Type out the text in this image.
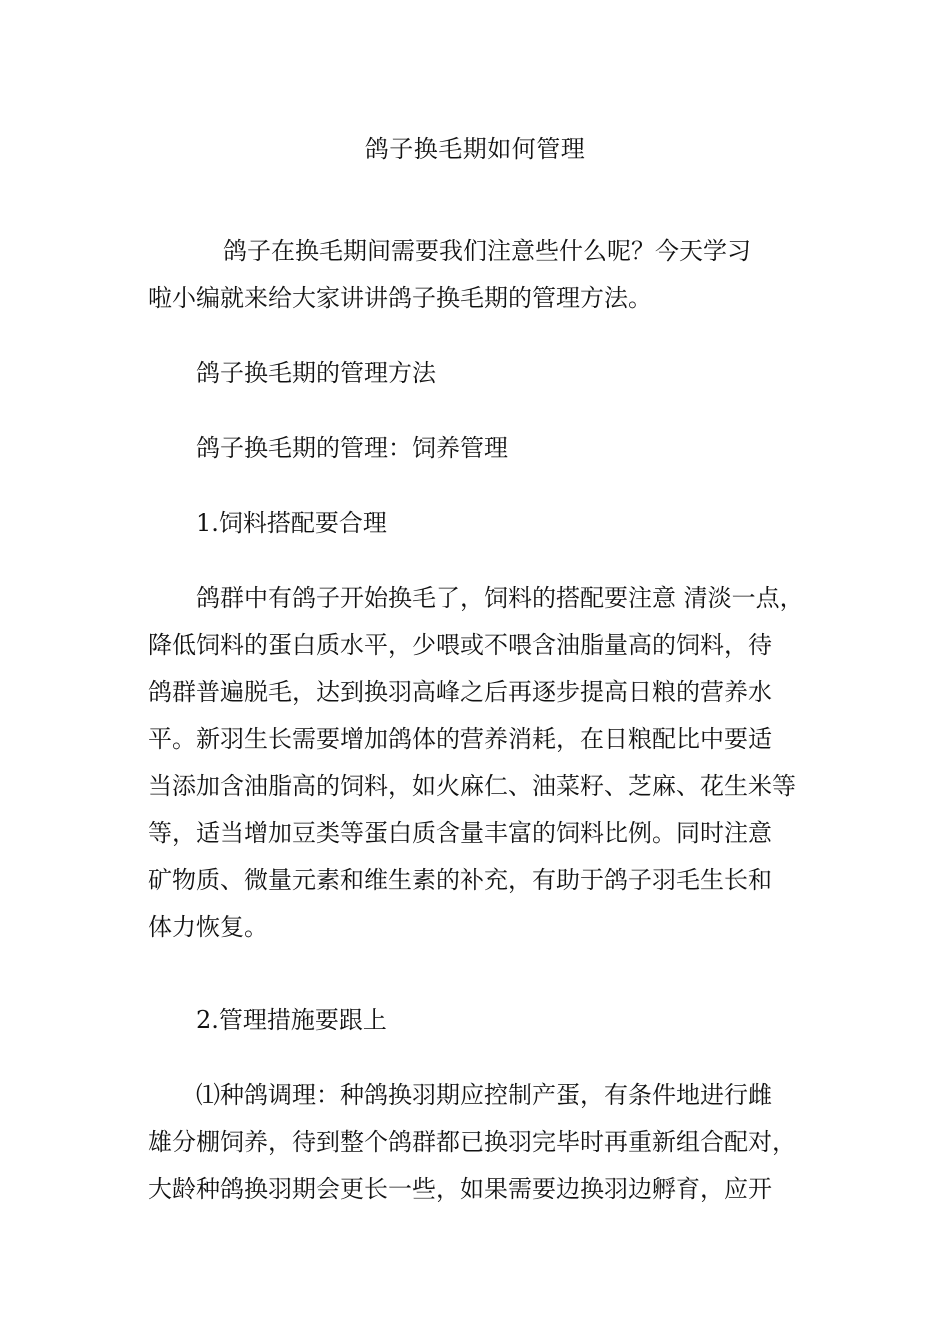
鸽子换毛期如何管理
鸽子在换毛期间需要我们注意些什么呢？今天学习
啦小编就来给大家讲讲鸽子换毛期的管理方法。
鸽子换毛期的管理方法
鸽子换毛期的管理：饲养管理
1.饲料搭配要合理
鸽群中有鸽子开始换毛了，饲料的搭配要注意 清淡一点，
降低饲料的蛋白质水平，少喂或不喂含油脂量高的饲料，待
鸽群普遍脱毛，达到换羽高峰之后再逐步提高日粮的营养水
平。新羽生长需要增加鸽体的营养消耗，在日粮配比中要适
当添加含油脂高的饲料，如火麻仁、油菜籽、芝麻、花生米等
等，适当增加豆类等蛋白质含量丰富的饲料比例。同时注意
矿物质、微量元素和维生素的补充，有助于鸽子羽毛生长和
体力恢复。
2.管理措施要跟上
⑴种鸽调理：种鸽换羽期应控制产蛋，有条件地进行雌
雄分棚饲养，待到整个鸽群都已换羽完毕时再重新组合配对，
大龄种鸽换羽期会更长一些，如果需要边换羽边孵育，应开
